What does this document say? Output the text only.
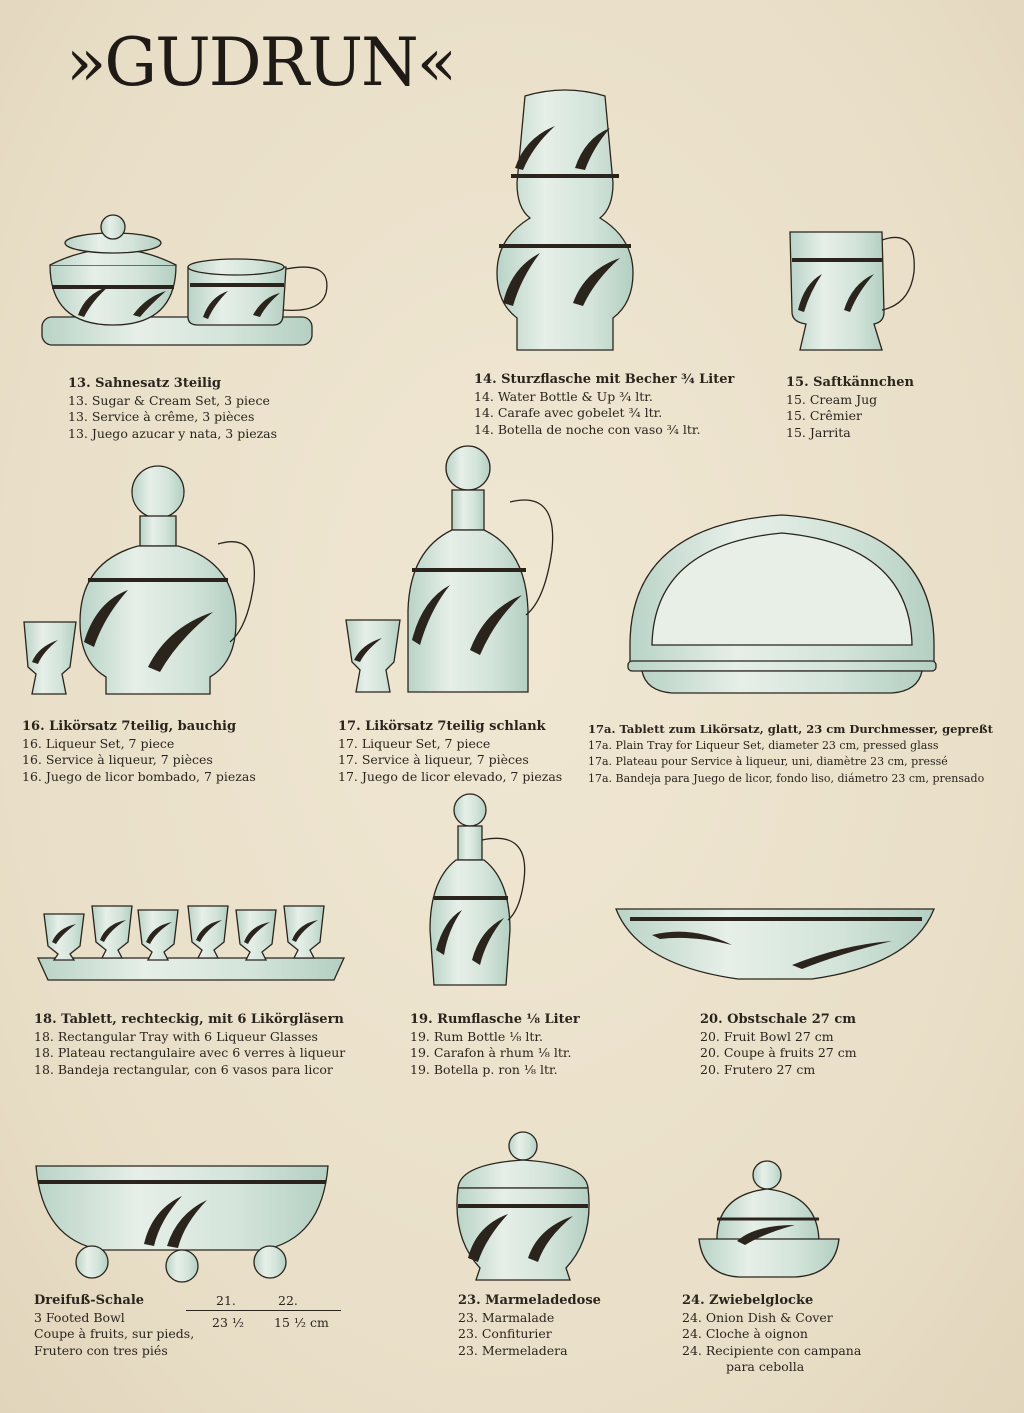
»GUDRUN«
13. Sahnesatz 3teilig
13. Sugar & Cream Set, 3 piece
13. Service à crême, 3 pièces
13. Juego azucar y nata, 3 piezas
14. Sturzflasche mit Becher ¾ Liter
14. Water Bottle & Up ¾ ltr.
14. Carafe avec gobelet ¾ ltr.
14. Botella de noche con vaso ¾ ltr.
15. Saftkännchen
15. Cream Jug
15. Crêmier
15. Jarrita
16. Likörsatz 7teilig, bauchig
16. Liqueur Set, 7 piece
16. Service à liqueur, 7 pièces
16. Juego de licor bombado, 7 piezas
17. Likörsatz 7teilig schlank
17. Liqueur Set, 7 piece
17. Service à liqueur, 7 pièces
17. Juego de licor elevado, 7 piezas
17a. Tablett zum Likörsatz, glatt, 23 cm Durchmesser, gepreßt
17a. Plain Tray for Liqueur Set, diameter 23 cm, pressed glass
17a. Plateau pour Service à liqueur, uni, diamètre 23 cm, pressé
17a. Bandeja para Juego de licor, fondo liso, diámetro 23 cm, prensado
18. Tablett, rechteckig, mit 6 Likörgläsern
18. Rectangular Tray with 6 Liqueur Glasses
18. Plateau rectangulaire avec 6 verres à liqueur
18. Bandeja rectangular, con 6 vasos para licor
19. Rumflasche ⅛ Liter
19. Rum Bottle ⅛ ltr.
19. Carafon à rhum ⅛ ltr.
19. Botella p. ron ⅛ ltr.
20. Obstschale 27 cm
20. Fruit Bowl 27 cm
20. Coupe à fruits 27 cm
20. Frutero 27 cm
Dreifuß-Schale
3 Footed Bowl
Coupe à fruits, sur pieds,
Frutero con tres piés
21.	22.
23 ½ 15 ½ cm
23. Marmeladedose
23. Marmalade
23. Confiturier
23. Mermeladera
24. Zwiebelglocke
24. Onion Dish & Cover
24. Cloche à oignon
24. Recipiente con campana
para cebolla
